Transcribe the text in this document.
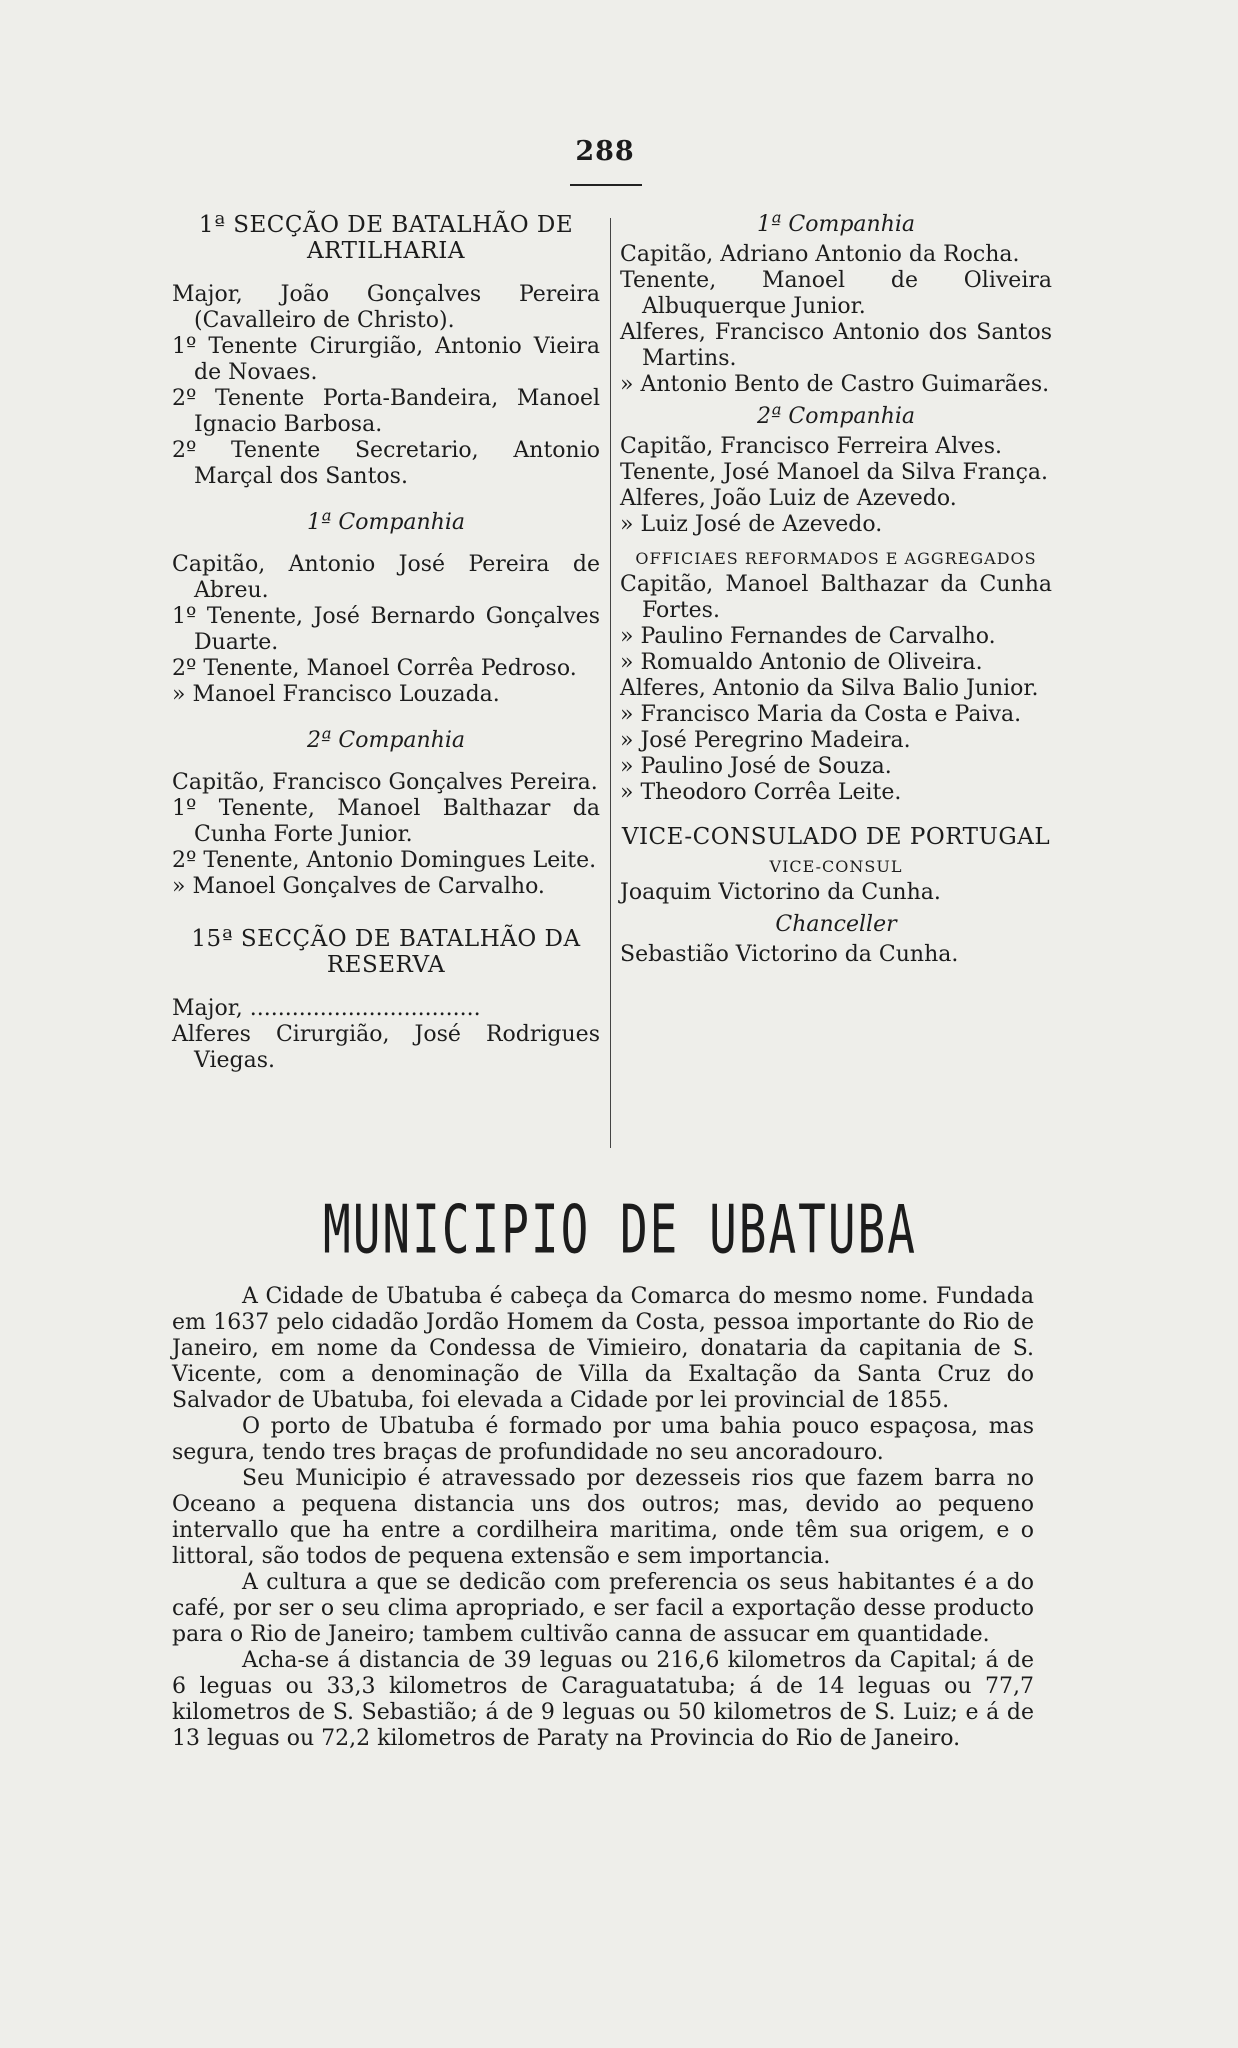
288

1ª SECÇÃO DE BATALHÃO DE ARTILHARIA

Major, João Gonçalves Pereira (Cavalleiro de Christo).

1º Tenente Cirurgião, Antonio Vieira de Novaes.

2º Tenente Porta-Bandeira, Manoel Ignacio Barbosa.

2º Tenente Secretario, Antonio Marçal dos Santos.

1ª Companhia

Capitão, Antonio José Pereira de Abreu.

1º Tenente, José Bernardo Gonçalves Duarte.

2º Tenente, Manoel Corrêa Pedroso.

» Manoel Francisco Louzada.

2ª Companhia

Capitão, Francisco Gonçalves Pereira.

1º Tenente, Manoel Balthazar da Cunha Forte Junior.

2º Tenente, Antonio Domingues Leite.

» Manoel Gonçalves de Carvalho.

15ª SECÇÃO DE BATALHÃO DA RESERVA

Major, .................................

Alferes Cirurgião, José Rodrigues Viegas.

1ª Companhia

Capitão, Adriano Antonio da Rocha.

Tenente, Manoel de Oliveira Albuquerque Junior.

Alferes, Francisco Antonio dos Santos Martins.

» Antonio Bento de Castro Guimarães.

2ª Companhia

Capitão, Francisco Ferreira Alves.

Tenente, José Manoel da Silva França.

Alferes, João Luiz de Azevedo.

» Luiz José de Azevedo.

OFFICIAES REFORMADOS E AGGREGADOS

Capitão, Manoel Balthazar da Cunha Fortes.

» Paulino Fernandes de Carvalho.

» Romualdo Antonio de Oliveira.

Alferes, Antonio da Silva Balio Junior.

» Francisco Maria da Costa e Paiva.

» José Peregrino Madeira.

» Paulino José de Souza.

» Theodoro Corrêa Leite.

VICE-CONSULADO DE PORTUGAL

VICE-CONSUL

Joaquim Victorino da Cunha.

Chanceller

Sebastião Victorino da Cunha.

MUNICIPIO DE UBATUBA

A Cidade de Ubatuba é cabeça da Comarca do mesmo nome. Fundada em 1637 pelo cidadão Jordão Homem da Costa, pessoa importante do Rio de Janeiro, em nome da Condessa de Vimieiro, donataria da capitania de S. Vicente, com a denominação de Villa da Exaltação da Santa Cruz do Salvador de Ubatuba, foi elevada a Cidade por lei provincial de 1855.

O porto de Ubatuba é formado por uma bahia pouco espaçosa, mas segura, tendo tres braças de profundidade no seu ancoradouro.

Seu Municipio é atravessado por dezesseis rios que fazem barra no Oceano a pequena distancia uns dos outros; mas, devido ao pequeno intervallo que ha entre a cordilheira maritima, onde têm sua origem, e o littoral, são todos de pequena extensão e sem importancia.

A cultura a que se dedicão com preferencia os seus habitantes é a do café, por ser o seu clima apropriado, e ser facil a exportação desse producto para o Rio de Janeiro; tambem cultivão canna de assucar em quantidade.

Acha-se á distancia de 39 leguas ou 216,6 kilometros da Capital; á de 6 leguas ou 33,3 kilometros de Caraguatatuba; á de 14 leguas ou 77,7 kilometros de S. Sebastião; á de 9 leguas ou 50 kilometros de S. Luiz; e á de 13 leguas ou 72,2 kilometros de Paraty na Provincia do Rio de Janeiro.
